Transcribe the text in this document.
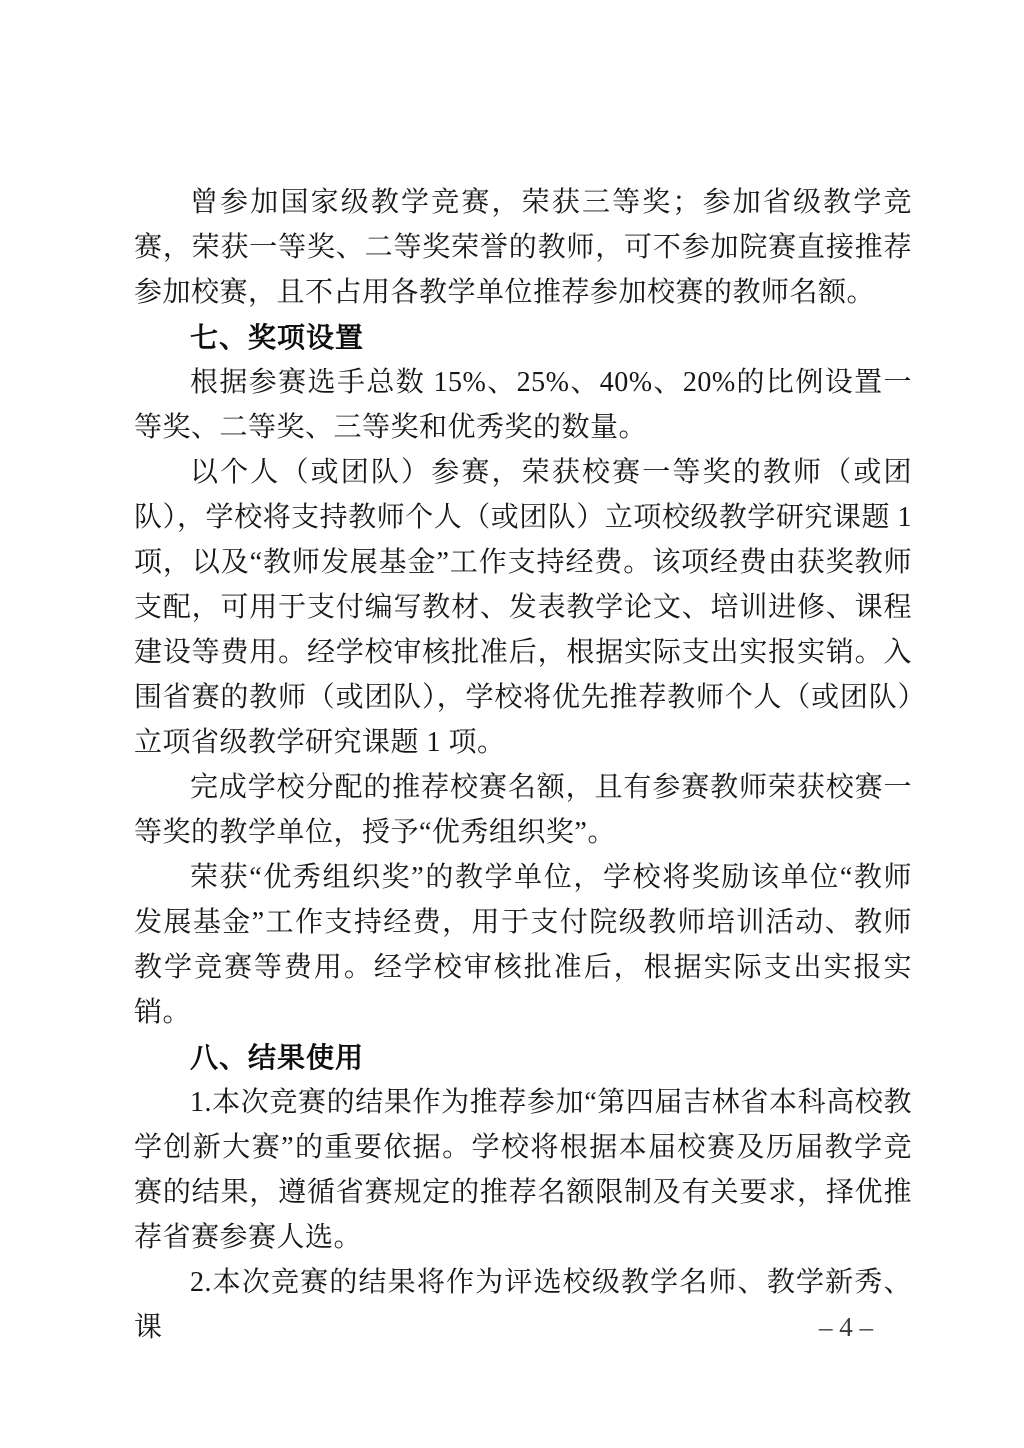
曾参加国家级教学竞赛，荣获三等奖；参加省级教学竞赛，荣获一等奖、二等奖荣誉的教师，可不参加院赛直接推荐参加校赛，且不占用各教学单位推荐参加校赛的教师名额。

七、奖项设置

根据参赛选手总数 15%、25%、40%、20%的比例设置一等奖、二等奖、三等奖和优秀奖的数量。

以个人（或团队）参赛，荣获校赛一等奖的教师（或团队），学校将支持教师个人（或团队）立项校级教学研究课题 1 项，以及“教师发展基金”工作支持经费。该项经费由获奖教师支配，可用于支付编写教材、发表教学论文、培训进修、课程建设等费用。经学校审核批准后，根据实际支出实报实销。入围省赛的教师（或团队），学校将优先推荐教师个人（或团队）立项省级教学研究课题 1 项。

完成学校分配的推荐校赛名额，且有参赛教师荣获校赛一等奖的教学单位，授予“优秀组织奖”。

荣获“优秀组织奖”的教学单位，学校将奖励该单位“教师发展基金”工作支持经费，用于支付院级教师培训活动、教师教学竞赛等费用。经学校审核批准后，根据实际支出实报实销。

八、结果使用

1.本次竞赛的结果作为推荐参加“第四届吉林省本科高校教学创新大赛”的重要依据。学校将根据本届校赛及历届教学竞赛的结果，遵循省赛规定的推荐名额限制及有关要求，择优推荐省赛参赛人选。

2.本次竞赛的结果将作为评选校级教学名师、教学新秀、课	– 4 –
